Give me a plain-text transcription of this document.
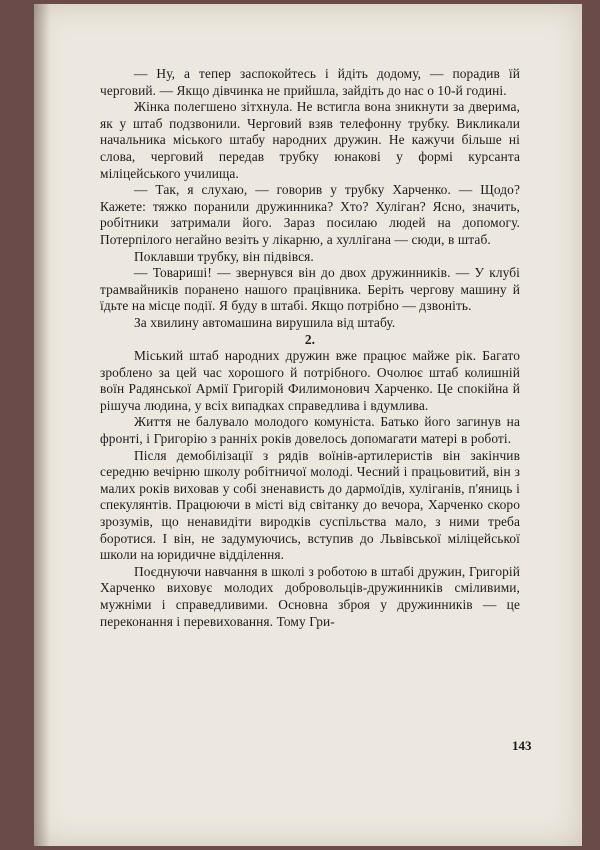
— Ну, а тепер заспокойтесь і йдіть додому, — порадив їй черговий. — Якщо дівчинка не прийшла, зайдіть до нас о 10-й годині.

Жінка полегшено зітхнула. Не встигла вона зникнути за дверима, як у штаб подзвонили. Черговий взяв телефонну трубку. Викликали начальника міського штабу народних дружин. Не кажучи більше ні слова, черговий передав трубку юнакові у формі курсанта міліцейського училища.

— Так, я слухаю, — говорив у трубку Харченко. — Щодо? Кажете: тяжко поранили дружинника? Хто? Хуліган? Ясно, значить, робітники затримали його. Зараз посилаю людей на допомогу. Потерпілого негайно везіть у лікарню, а хуллігана — сюди, в штаб.

Поклавши трубку, він підвівся.

— Товариші! — звернувся він до двох дружинників. — У клубі трамвайників поранено нашого працівника. Беріть чергову машину й їдьте на місце події. Я буду в штабі. Якщо потрібно — дзвоніть.

За хвилину автомашина вирушила від штабу.

2.

Міський штаб народних дружин вже працює майже рік. Багато зроблено за цей час хорошого й потрібного. Очолює штаб колишній воїн Радянської Армії Григорій Филимонович Харченко. Це спокійна й рішуча людина, у всіх випадках справедлива і вдумлива.

Життя не балувало молодого комуніста. Батько його загинув на фронті, і Григорію з ранніх років довелось допомагати матері в роботі.

Після демобілізації з рядів воїнів-артилеристів він закінчив середню вечірню школу робітничої молоді. Чесний і працьовитий, він з малих років виховав у собі зненависть до дармоїдів, хуліганів, п'яниць і спекулянтів. Працюючи в місті від світанку до вечора, Харченко скоро зрозумів, що ненавидіти виродків суспільства мало, з ними треба боротися. І він, не задумуючись, вступив до Львівської міліцейської школи на юридичне відділення.

Поєднуючи навчання в школі з роботою в штабі дружин, Григорій Харченко виховує молодих добровольців-дружинників сміливими, мужніми і справедливими. Основна зброя у дружинників — це переконання і перевиховання. Тому Гри-

143
